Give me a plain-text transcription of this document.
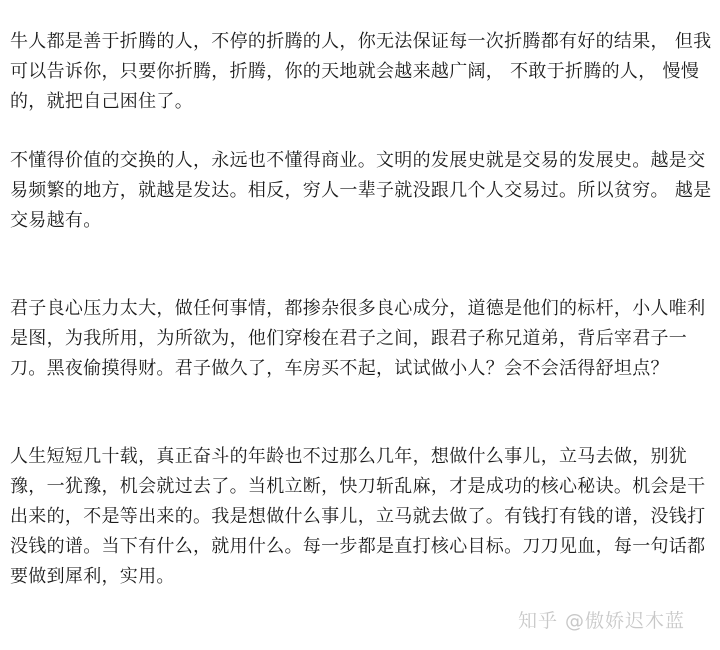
牛人都是善于折腾的人，不停的折腾的人，你无法保证每一次折腾都有好的结果， 但我可以告诉你，只要你折腾，折腾，你的天地就会越来越广阔， 不敢于折腾的人， 慢慢的，就把自己困住了。

不懂得价值的交换的人，永远也不懂得商业。文明的发展史就是交易的发展史。越是交易频繁的地方，就越是发达。相反，穷人一辈子就没跟几个人交易过。所以贫穷。 越是交易越有。

君子良心压力太大，做任何事情，都掺杂很多良心成分，道德是他们的标杆，小人唯利是图，为我所用，为所欲为，他们穿梭在君子之间，跟君子称兄道弟，背后宰君子一刀。黑夜偷摸得财。君子做久了，车房买不起，试试做小人？会不会活得舒坦点？

人生短短几十载，真正奋斗的年龄也不过那么几年，想做什么事儿，立马去做，别犹豫，一犹豫，机会就过去了。当机立断，快刀斩乱麻，才是成功的核心秘诀。机会是干出来的，不是等出来的。我是想做什么事儿，立马就去做了。有钱打有钱的谱，没钱打没钱的谱。当下有什么，就用什么。每一步都是直打核心目标。刀刀见血，每一句话都要做到犀利，实用。

知乎 @傲娇迟木蓝
